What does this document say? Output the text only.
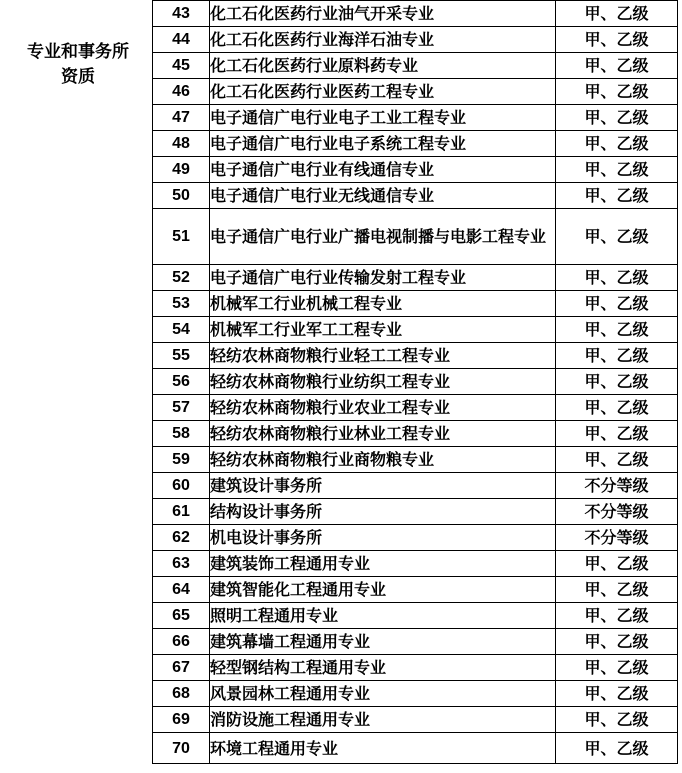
专业和事务所
资质
43	化工石化医药行业油气开采专业	甲、乙级
44	化工石化医药行业海洋石油专业	甲、乙级
45	化工石化医药行业原料药专业	甲、乙级
46	化工石化医药行业医药工程专业	甲、乙级
47	电子通信广电行业电子工业工程专业	甲、乙级
48	电子通信广电行业电子系统工程专业	甲、乙级
49	电子通信广电行业有线通信专业	甲、乙级
50	电子通信广电行业无线通信专业	甲、乙级
51	电子通信广电行业广播电视制播与电影工程专业	甲、乙级
52	电子通信广电行业传输发射工程专业	甲、乙级
53	机械军工行业机械工程专业	甲、乙级
54	机械军工行业军工工程专业	甲、乙级
55	轻纺农林商物粮行业轻工工程专业	甲、乙级
56	轻纺农林商物粮行业纺织工程专业	甲、乙级
57	轻纺农林商物粮行业农业工程专业	甲、乙级
58	轻纺农林商物粮行业林业工程专业	甲、乙级
59	轻纺农林商物粮行业商物粮专业	甲、乙级
60	建筑设计事务所	不分等级
61	结构设计事务所	不分等级
62	机电设计事务所	不分等级
63	建筑装饰工程通用专业	甲、乙级
64	建筑智能化工程通用专业	甲、乙级
65	照明工程通用专业	甲、乙级
66	建筑幕墙工程通用专业	甲、乙级
67	轻型钢结构工程通用专业	甲、乙级
68	风景园林工程通用专业	甲、乙级
69	消防设施工程通用专业	甲、乙级
70	环境工程通用专业	甲、乙级
